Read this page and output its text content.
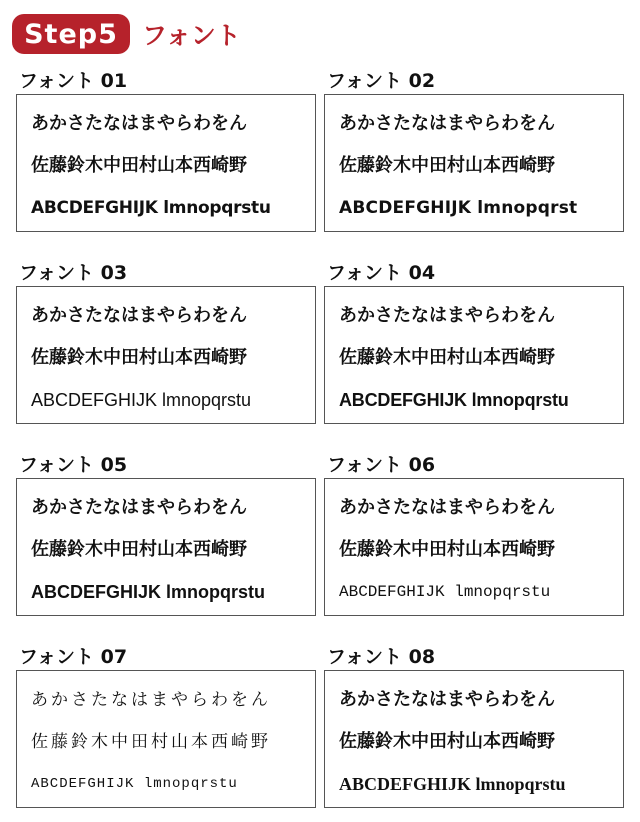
Step5 フォント
フォント 01
あかさたなはまやらわをん
佐藤鈴木中田村山本西崎野
ABCDEFGHIJK lmnopqrstu
フォント 02
あかさたなはまやらわをん
佐藤鈴木中田村山本西崎野
ABCDEFGHIJK lmnopqrst
フォント 03
あかさたなはまやらわをん
佐藤鈴木中田村山本西崎野
ABCDEFGHIJK lmnopqrstu
フォント 04
あかさたなはまやらわをん
佐藤鈴木中田村山本西崎野
ABCDEFGHIJK lmnopqrstu
フォント 05
あかさたなはまやらわをん
佐藤鈴木中田村山本西崎野
ABCDEFGHIJK lmnopqrstu
フォント 06
あかさたなはまやらわをん
佐藤鈴木中田村山本西崎野
ABCDEFGHIJK lmnopqrstu
フォント 07
あかさたなはまやらわをん
佐藤鈴木中田村山本西崎野
ABCDEFGHIJK lmnopqrstu
フォント 08
あかさたなはまやらわをん
佐藤鈴木中田村山本西崎野
ABCDEFGHIJK lmnopqrstu
